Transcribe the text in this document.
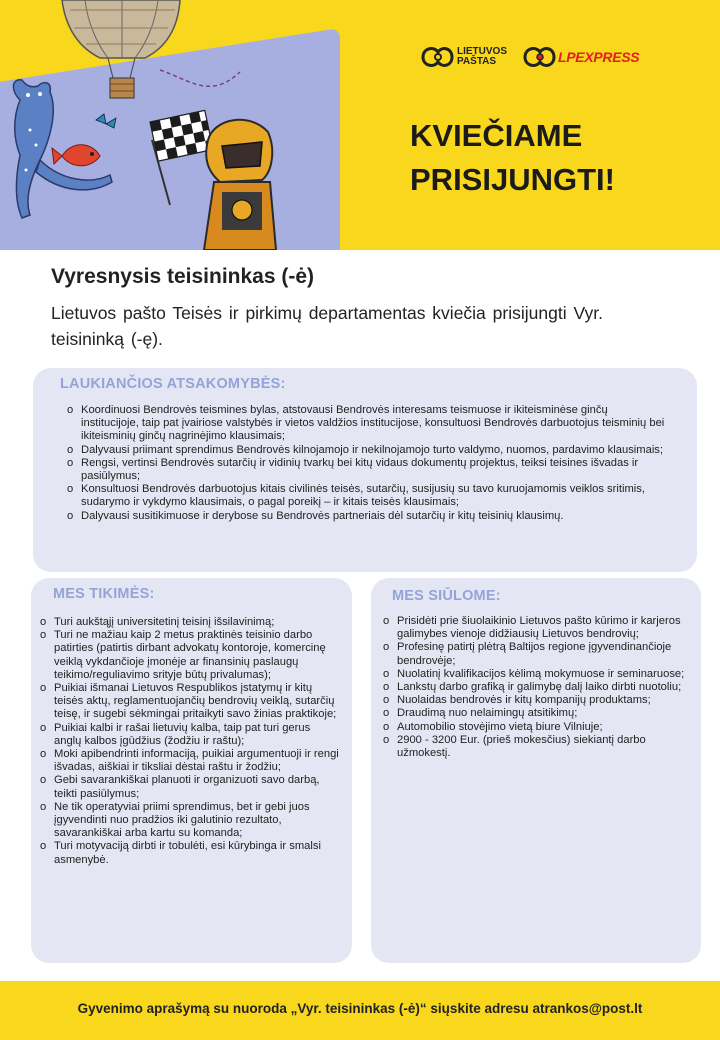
LIETUVOS
PAŠTAS	LPEXPRESS
KVIEČIAME
PRISIJUNGTI!
Vyresnysis teisininkas (-ė)

Lietuvos pašto Teisės ir pirkimų departamentas kviečia prisijungti Vyr. teisininką (-ę).

LAUKIANČIOS ATSAKOMYBĖS:
o Koordinuosi Bendrovės teismines bylas, atstovausi Bendrovės interesams teismuose ir ikiteisminėse ginčų institucijoje, taip pat įvairiose valstybės ir vietos valdžios institucijose, konsultuosi Bendrovės darbuotojus teisminių bei ikiteisminių ginčų nagrinėjimo klausimais;
o Dalyvausi priimant sprendimus Bendrovės kilnojamojo ir nekilnojamojo turto valdymo, nuomos, pardavimo klausimais;
o Rengsi, vertinsi Bendrovės sutarčių ir vidinių tvarkų bei kitų vidaus dokumentų projektus, teiksi teisines išvadas ir pasiūlymus;
o Konsultuosi Bendrovės darbuotojus kitais civilinės teisės, sutarčių, susijusių su tavo kuruojamomis veiklos sritimis, sudarymo ir vykdymo klausimais, o pagal poreikį – ir kitais teisės klausimais;
o Dalyvausi susitikimuose ir derybose su Bendrovės partneriais dėl sutarčių ir kitų teisinių klausimų.
MES TIKIMĖS:
o Turi aukštąjį universitetinį teisinį išsilavinimą;
o Turi ne mažiau kaip 2 metus praktinės teisinio darbo patirties (patirtis dirbant advokatų kontoroje, komercinę veiklą vykdančioje įmonėje ar finansinių paslaugų teikimo/reguliavimo srityje būtų privalumas);
o Puikiai išmanai Lietuvos Respublikos įstatymų ir kitų teisės aktų, reglamentuojančių bendrovių veiklą, sutarčių teisę, ir sugebi sėkmingai pritaikyti savo žinias praktikoje;
o Puikiai kalbi ir rašai lietuvių kalba, taip pat turi gerus anglų kalbos įgūdžius (žodžiu ir raštu);
o Moki apibendrinti informaciją, puikiai argumentuoji ir rengi išvadas, aiškiai ir tiksliai dėstai raštu ir žodžiu;
o Gebi savarankiškai planuoti ir organizuoti savo darbą, teikti pasiūlymus;
o Ne tik operatyviai priimi sprendimus, bet ir gebi juos įgyvendinti nuo pradžios iki galutinio rezultato, savarankiškai arba kartu su komanda;
o Turi motyvaciją dirbti ir tobulėti, esi kūrybinga ir smalsi asmenybė.
MES SIŪLOME:
o Prisidėti prie šiuolaikinio Lietuvos pašto kūrimo ir karjeros galimybes vienoje didžiausių Lietuvos bendrovių;
o Profesinę patirtį plėtrą Baltijos regione įgyvendinančioje bendrovėje;
o Nuolatinį kvalifikacijos kėlimą mokymuose ir seminaruose;
o Lankstų darbo grafiką ir galimybę dalį laiko dirbti nuotoliu;
o Nuolaidas bendrovės ir kitų kompanijų produktams;
o Draudimą nuo nelaimingų atsitikimų;
o Automobilio stovėjimo vietą biure Vilniuje;
o 2900 - 3200 Eur. (prieš mokesčius) siekiantį darbo užmokestį.
Gyvenimo aprašymą su nuoroda „Vyr. teisininkas (-ė)“ siųskite adresu atrankos@post.lt
